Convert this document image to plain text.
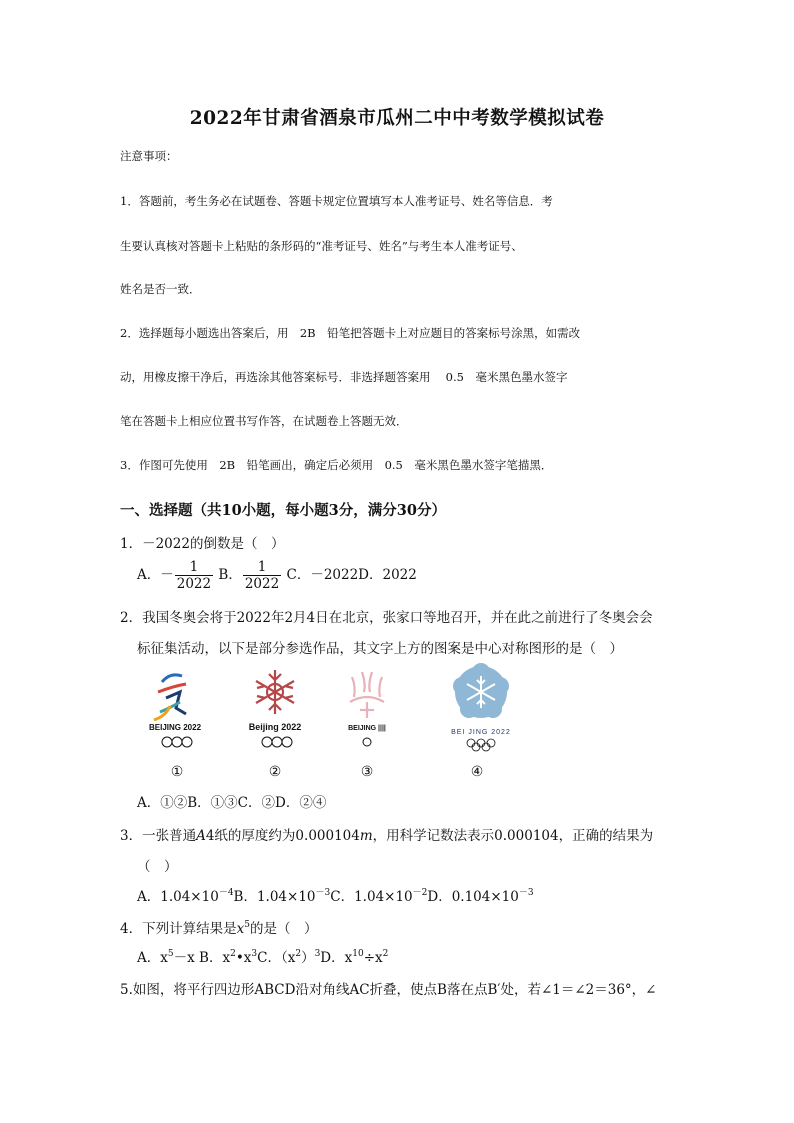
2022年甘肃省酒泉市瓜州二中中考数学模拟试卷
注意事项：
1．答题前，考生务必在试题卷、答题卡规定位置填写本人准考证号、姓名等信息．考
生要认真核对答题卡上粘贴的条形码的“准考证号、姓名”与考生本人准考证号、
姓名是否一致．
2．选择题每小题选出答案后，用　2B　铅笔把答题卡上对应题目的答案标号涂黑，如需改
动，用橡皮擦干净后，再选涂其他答案标号．非选择题答案用　 0.5　毫米黑色墨水签字
笔在答题卡上相应位置书写作答，在试题卷上答题无效．
3．作图可先使用　2B　铅笔画出，确定后必须用　0.5　毫米黑色墨水签字笔描黑．
一、选择题（共10小题，每小题3分，满分30分）
1．－2022的倒数是（　）
A．－ $\frac{1}{2022}$ B． $\frac{1}{2022}$ C．－2022D．2022
2．我国冬奥会将于2022年2月4日在北京，张家口等地召开，并在此之前进行了冬奥会会
标征集活动，以下是部分参选作品，其文字上方的图案是中心对称图形的是（　）
BEIJING 2022	Beijing 2022	BEIJING ||||
BEI JING 2022
①	②	③	④
A．①②B．①③C．②D．②④
3．一张普通A4纸的厚度约为0.000104m，用科学记数法表示0.000104，正确的结果为
（　）
A．$1.04\times 10^{-4}B$．$1.04\times 10^{-3}C$．$1.04\times 10^{-2}D$．$0.104\times 10^{-3}$
4．下列计算结果是$x^5$的是（　）
A．$x^5-x$ B．$x^2•x^3C$．$(x^2)^3D$．$x^{10}\div x^2$
5.如图，将平行四边形ABCD沿对角线AC折叠，使点B落在点B′处，若∠1＝∠2＝36°，∠
